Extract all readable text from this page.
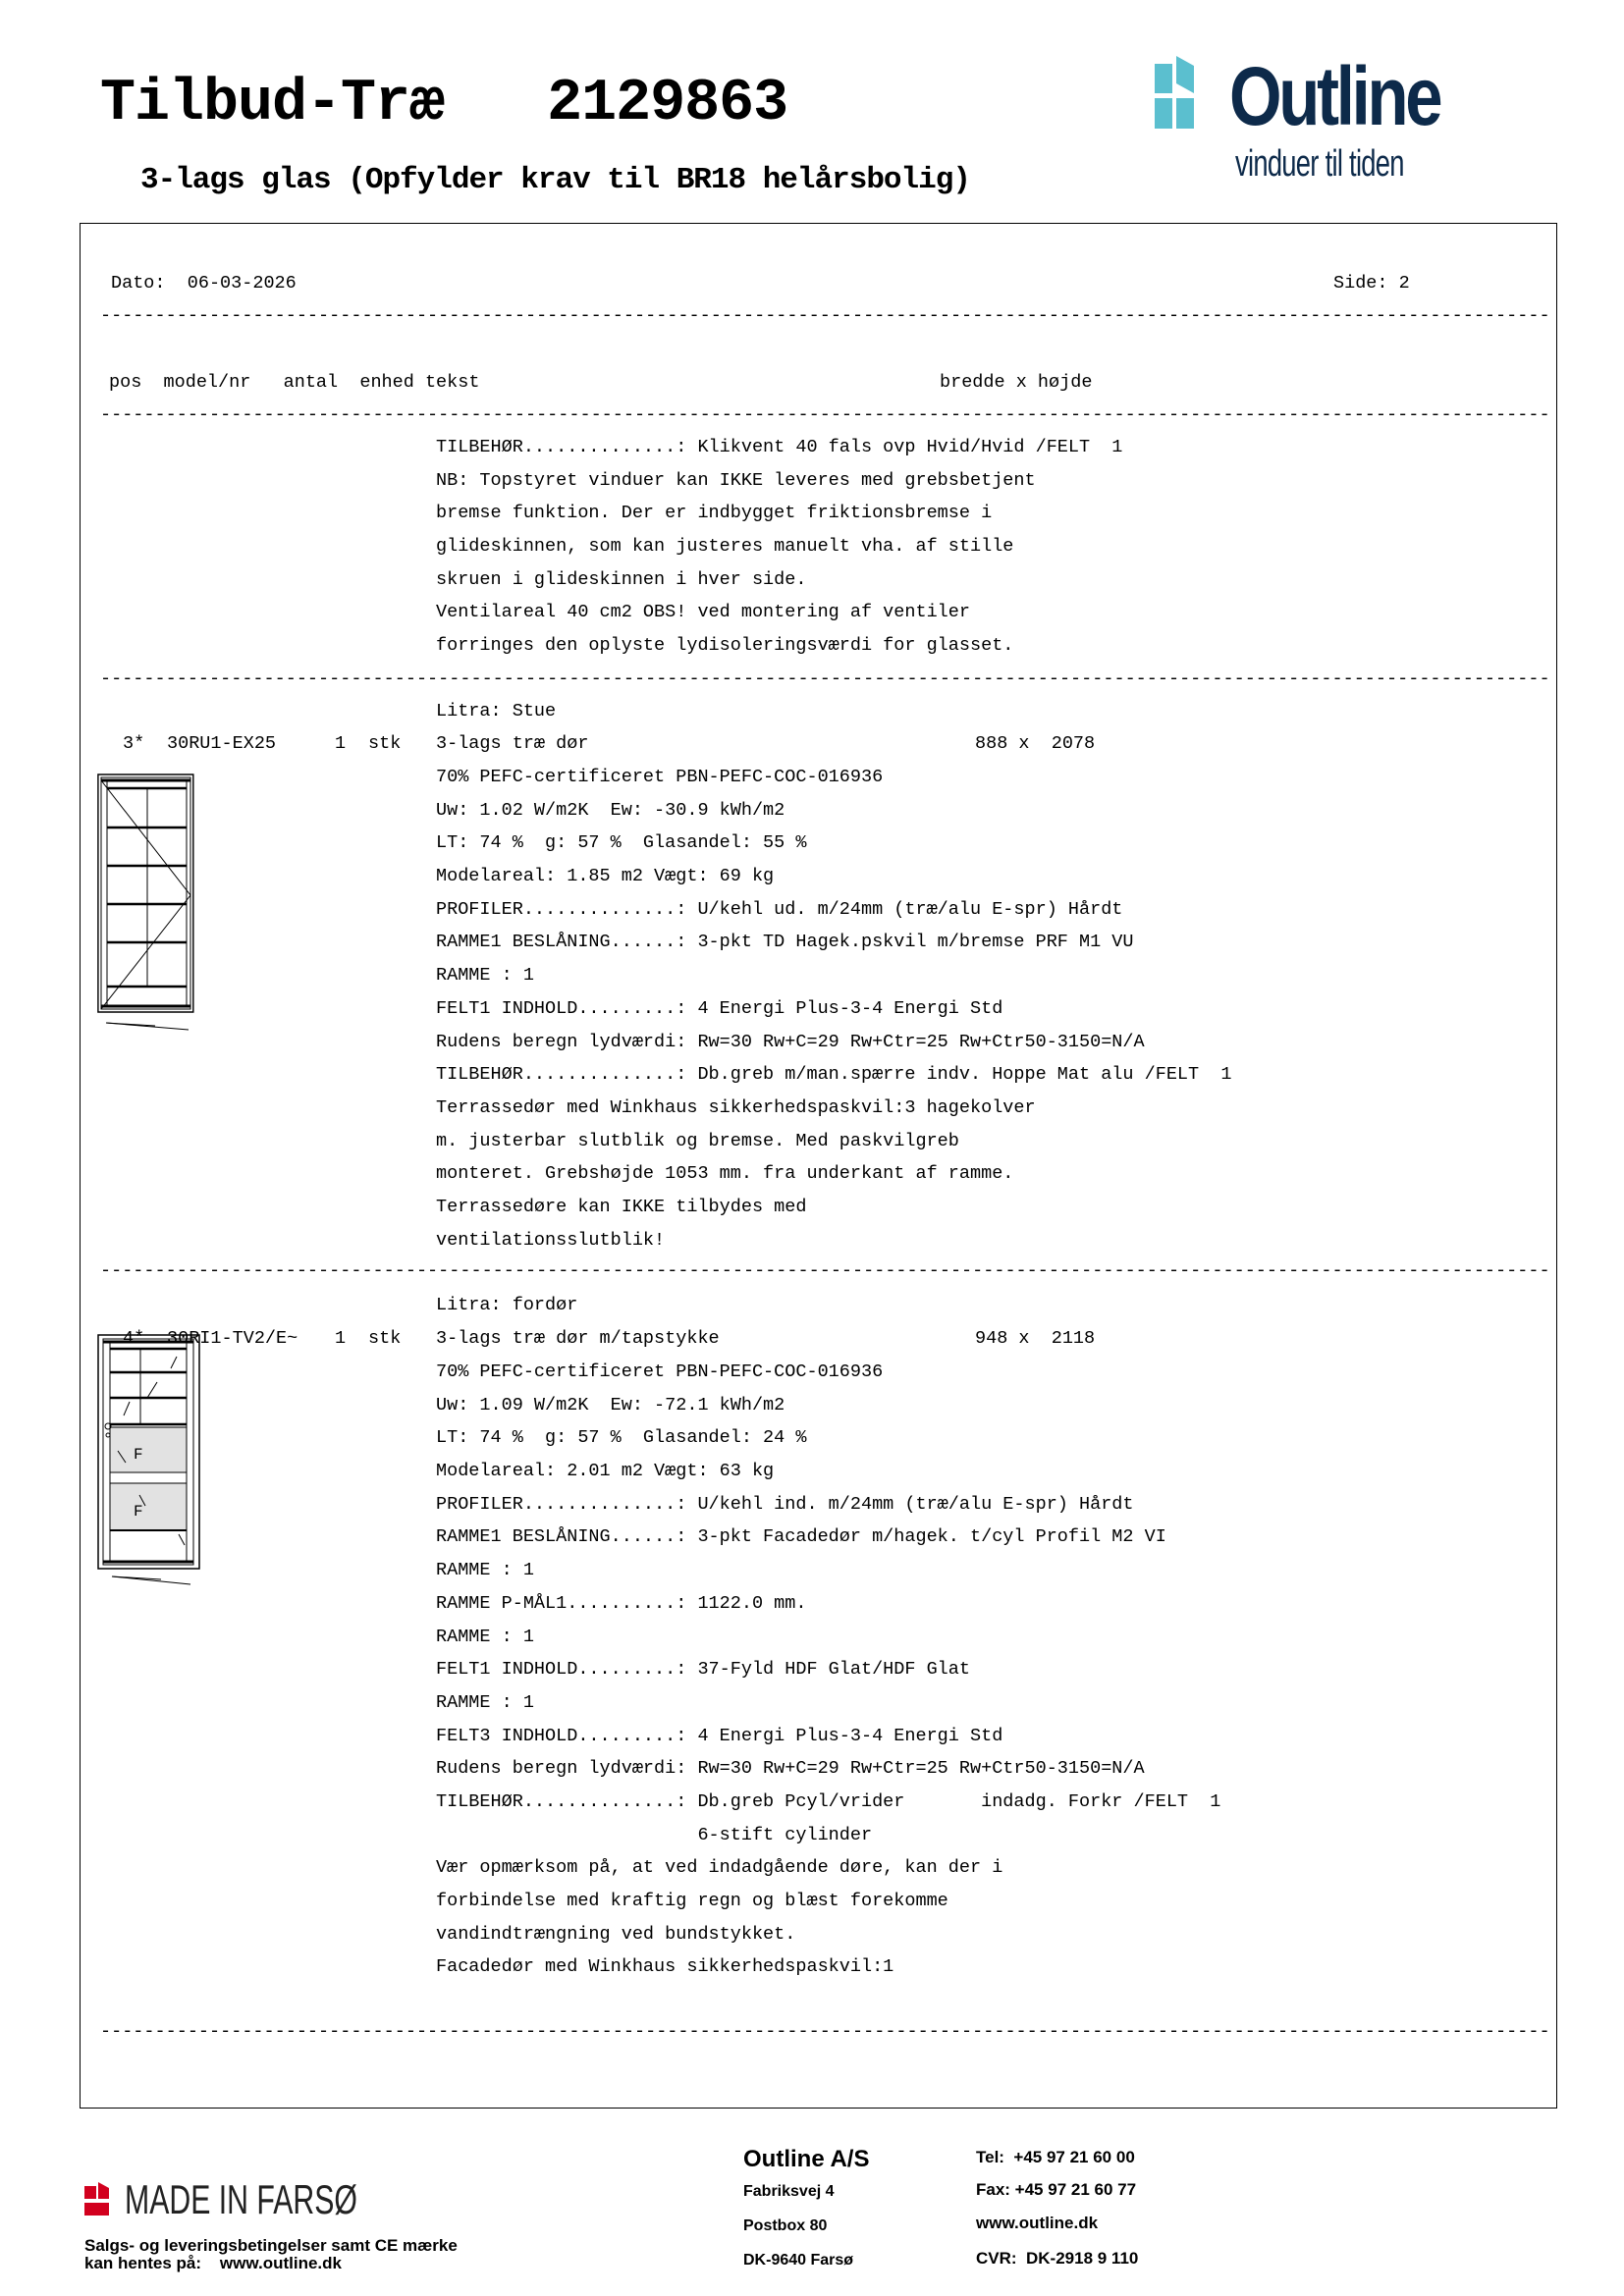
Tilbud-Træ   2129863
3-lags glas (Opfylder krav til BR18 helårsbolig)
Outline
vinduer til tiden
Dato: 06-03-2026	Side: 2
-------------------------------------------------------------------------------------------------------------------------------------
pos  model/nr   antal  enhed tekst	bredde x højde
-------------------------------------------------------------------------------------------------------------------------------------
TILBEHØR..............: Klikvent 40 fals ovp Hvid/Hvid /FELT  1
NB: Topstyret vinduer kan IKKE leveres med grebsbetjent
bremse funktion. Der er indbygget friktionsbremse i
glideskinnen, som kan justeres manuelt vha. af stille
skruen i glideskinnen i hver side.
Ventilareal 40 cm2 OBS! ved montering af ventiler
forringes den oplyste lydisoleringsværdi for glasset.
-------------------------------------------------------------------------------------------------------------------------------------
Litra: Stue
3* 30RU1-EX25	1 stk 3-lags træ dør	888 x  2078
70% PEFC-certificeret PBN-PEFC-COC-016936
Uw: 1.02 W/m2K  Ew: -30.9 kWh/m2
LT: 74 %  g: 57 %  Glasandel: 55 %
Modelareal: 1.85 m2 Vægt: 69 kg
PROFILER..............: U/kehl ud. m/24mm (træ/alu E-spr) Hårdt
RAMME1 BESLÅNING......: 3-pkt TD Hagek.pskvil m/bremse PRF M1 VU
RAMME : 1
FELT1 INDHOLD.........: 4 Energi Plus-3-4 Energi Std
Rudens beregn lydværdi: Rw=30 Rw+C=29 Rw+Ctr=25 Rw+Ctr50-3150=N/A
TILBEHØR..............: Db.greb m/man.spærre indv. Hoppe Mat alu /FELT  1
Terrassedør med Winkhaus sikkerhedspaskvil:3 hagekolver
m. justerbar slutblik og bremse. Med paskvilgreb
monteret. Grebshøjde 1053 mm. fra underkant af ramme.
Terrassedøre kan IKKE tilbydes med
ventilationsslutblik!
-------------------------------------------------------------------------------------------------------------------------------------
Litra: fordør
4* 30RI1-TV2/E~ 1 stk 3-lags træ dør m/tapstykke	948 x  2118
70% PEFC-certificeret PBN-PEFC-COC-016936
Uw: 1.09 W/m2K  Ew: -72.1 kWh/m2
LT: 74 %  g: 57 %  Glasandel: 24 %
Modelareal: 2.01 m2 Vægt: 63 kg
PROFILER..............: U/kehl ind. m/24mm (træ/alu E-spr) Hårdt
RAMME1 BESLÅNING......: 3-pkt Facadedør m/hagek. t/cyl Profil M2 VI
RAMME : 1
RAMME P-MÅL1..........: 1122.0 mm.
RAMME : 1
FELT1 INDHOLD.........: 37-Fyld HDF Glat/HDF Glat
RAMME : 1
FELT3 INDHOLD.........: 4 Energi Plus-3-4 Energi Std
Rudens beregn lydværdi: Rw=30 Rw+C=29 Rw+Ctr=25 Rw+Ctr50-3150=N/A
TILBEHØR..............: Db.greb Pcyl/vrider       indadg. Forkr /FELT  1
6-stift cylinder
Vær opmærksom på, at ved indadgående døre, kan der i
forbindelse med kraftig regn og blæst forekomme
vandindtrængning ved bundstykket.
Facadedør med Winkhaus sikkerhedspaskvil:1
F
F
-------------------------------------------------------------------------------------------------------------------------------------
MADE IN FARSØ
Salgs- og leveringsbetingelser samt CE mærke
kan hentes på:    www.outline.dk
Outline A/S
Fabriksvej 4
Postbox 80
DK-9640 Farsø
Tel:  +45 97 21 60 00
Fax: +45 97 21 60 77
www.outline.dk
CVR:  DK-2918 9 110
